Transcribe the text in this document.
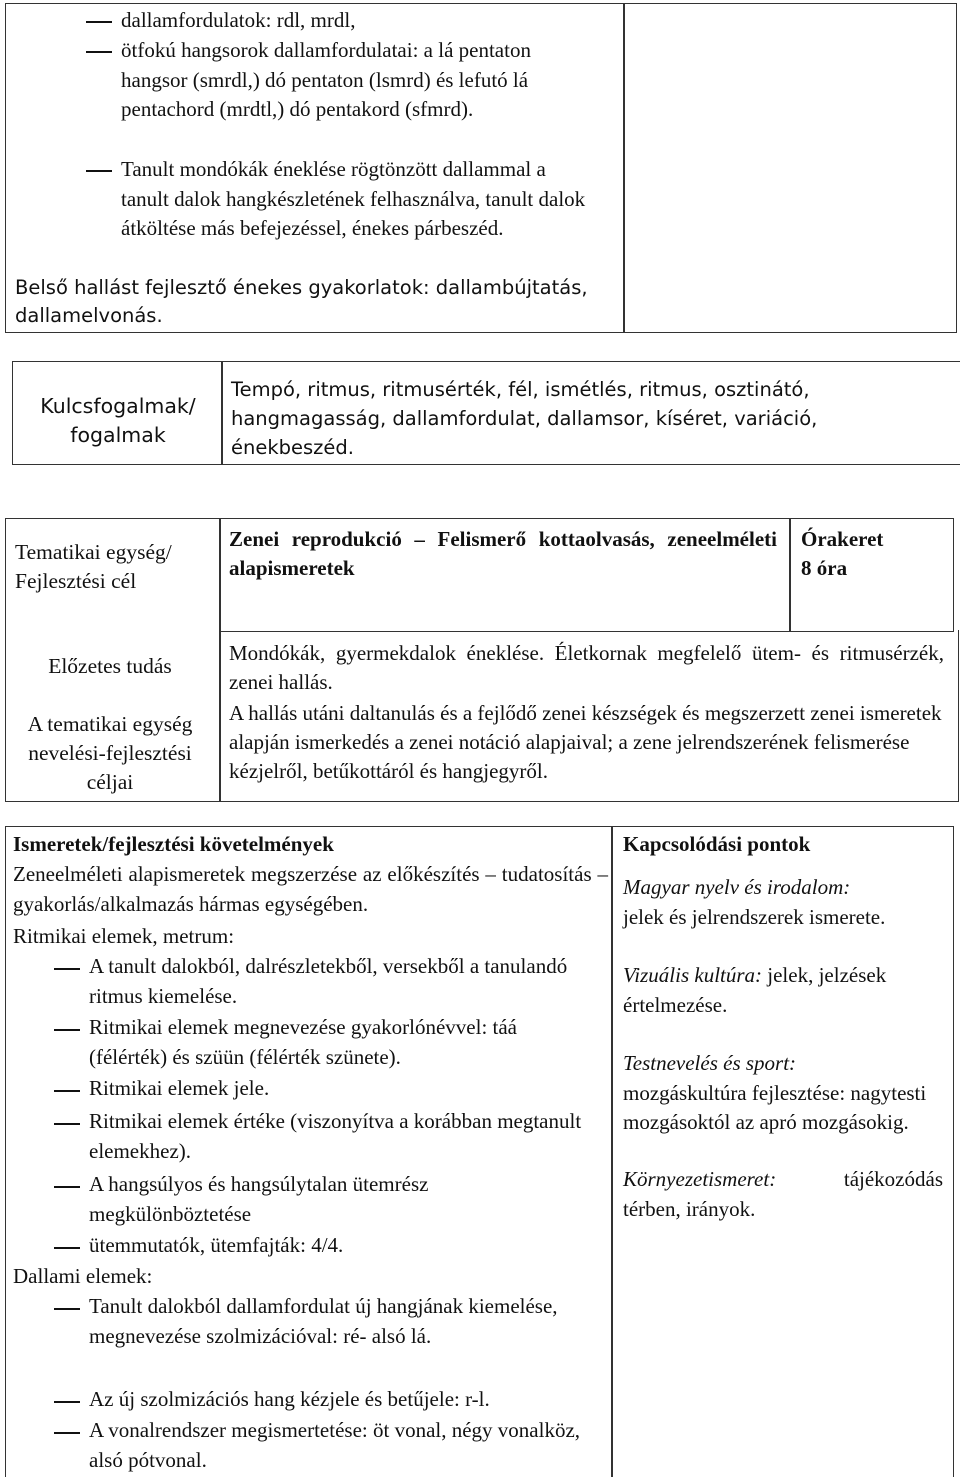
dallamfordulatok: rdl, mrdl,
ötfokú hangsorok dallamfordulatai: a lá pentaton hangsor (smrdl,) dó pentaton (lsmrd) és lefutó lá pentachord (mrdtl,) dó pentakord (sfmrd).
Tanult mondókák éneklése rögtönzött dallammal a tanult dalok hangkészletének felhasználva, tanult dalok átköltése más befejezéssel, énekes párbeszéd.
Belső hallást fejlesztő énekes gyakorlatok: dallambújtatás, dallamelvonás.
Kulcsfogalmak/ fogalmak
Tempó, ritmus, ritmusérték, fél, ismétlés, ritmus, osztinátó, hangmagasság, dallamfordulat, dallamsor, kíséret, variáció, énekbeszéd.
Tematikai egység/ Fejlesztési cél
Zenei reprodukció – Felismerő kottaolvasás, zeneelméleti alapismeretek
Órakeret
8 óra
Előzetes tudás
Mondókák, gyermekdalok éneklése. Életkornak megfelelő ütem- és ritmusérzék, zenei hallás.
A tematikai egység nevelési-fejlesztési céljai
A hallás utáni daltanulás és a fejlődő zenei készségek és megszerzett zenei ismeretek alapján ismerkedés a zenei notáció alapjaival; a zene jelrendszerének felismerése kézjelről, betűkottáról és hangjegyről.
Ismeretek/fejlesztési követelmények
Zeneelméleti alapismeretek megszerzése az előkészítés – tudatosítás – gyakorlás/alkalmazás hármas egységében.
Ritmikai elemek, metrum:
A tanult dalokból, dalrészletekből, versekből a tanulandó ritmus kiemelése.
Ritmikai elemek megnevezése gyakorlónévvel: táá (félérték) és szüün (félérték szünete).
Ritmikai elemek jele.
Ritmikai elemek értéke (viszonyítva a korábban megtanult elemekhez).
A hangsúlyos és hangsúlytalan ütemrész megkülönböztetése
ütemmutatók, ütemfajták: 4/4.
Dallami elemek:
Tanult dalokból dallamfordulat új hangjának kiemelése, megnevezése szolmizációval: ré- alsó lá.
Az új szolmizációs hang kézjele és betűjele: r-l.
A vonalrendszer megismertetése: öt vonal, négy vonalköz, alsó pótvonal.
Kapcsolódási pontok
Magyar nyelv és irodalom:
jelek és jelrendszerek ismerete.
Vizuális kultúra: jelek, jelzések értelmezése.
Testnevelés és sport:
mozgáskultúra fejlesztése: nagytesti mozgásoktól az apró mozgásokig.
Környezetismeret:	tájékozódás térben, irányok.
